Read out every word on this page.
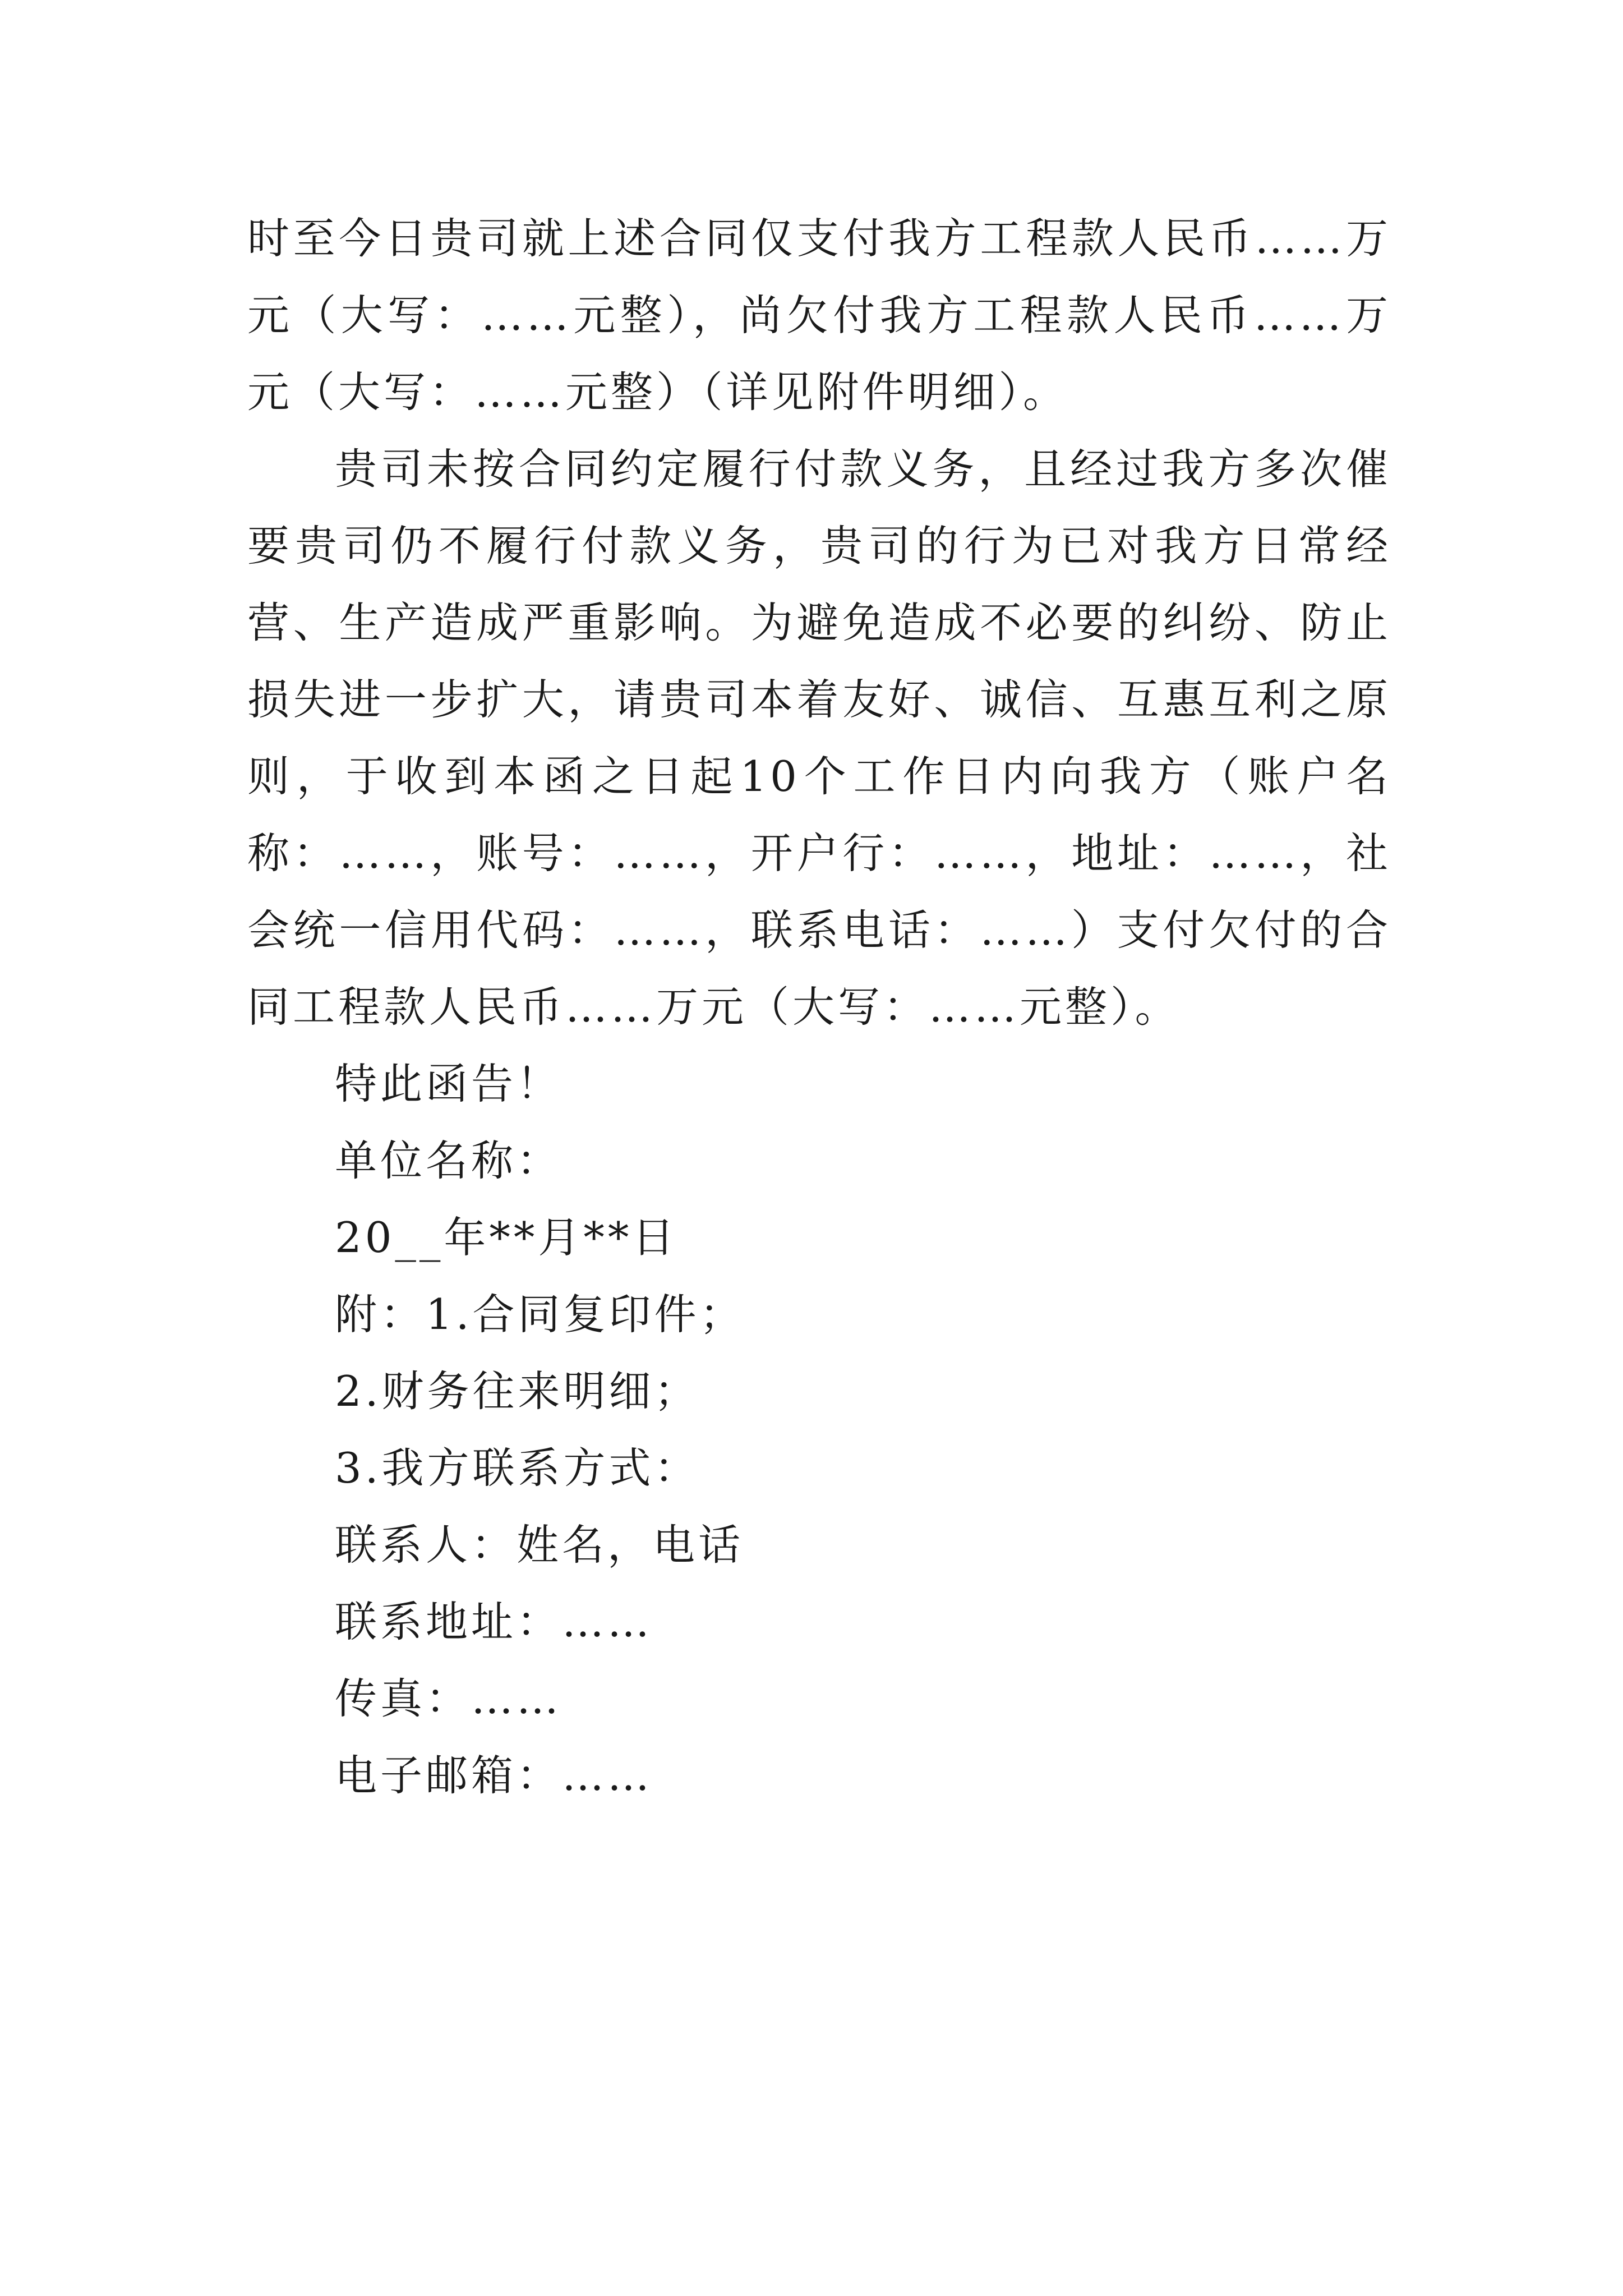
时至今日贵司就上述合同仅支付我方工程款人民币……万元（大写：……元整），尚欠付我方工程款人民币……万元（大写：……元整）（详见附件明细）。

贵司未按合同约定履行付款义务，且经过我方多次催要贵司仍不履行付款义务，贵司的行为已对我方日常经营、生产造成严重影响。为避免造成不必要的纠纷、防止损失进一步扩大，请贵司本着友好、诚信、互惠互利之原则，于收到本函之日起10个工作日内向我方（账户名称：……，账号：……，开户行：……，地址：……，社会统一信用代码：……，联系电话：……）支付欠付的合同工程款人民币……万元（大写：……元整）。

特此函告！

单位名称：

20__年**月**日

附：1.合同复印件；

2.财务往来明细；

3.我方联系方式：

联系人：姓名，电话

联系地址：……

传真：……

电子邮箱：……
